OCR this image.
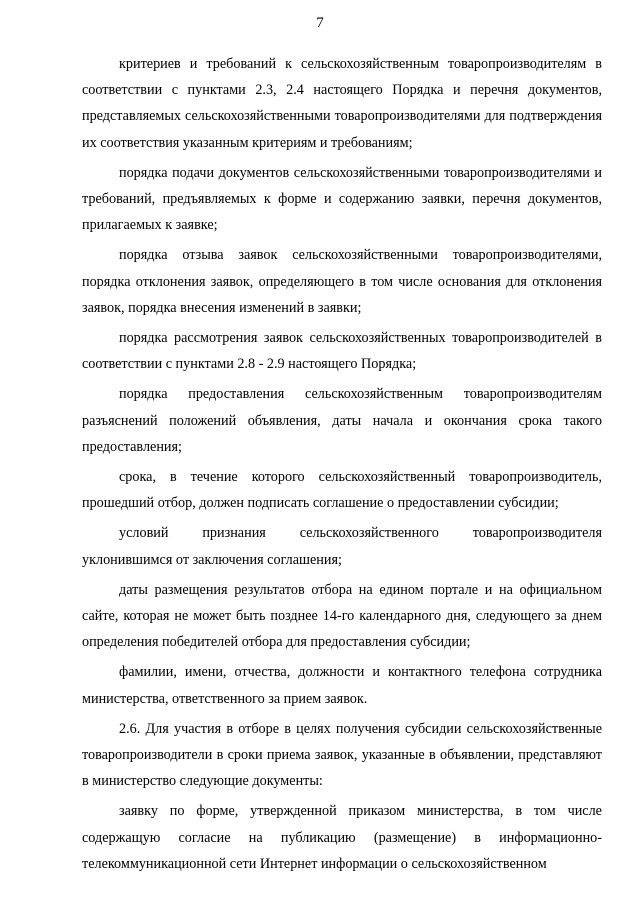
7

критериев и требований к сельскохозяйственным товаропроизводителям в соответствии с пунктами 2.3, 2.4 настоящего Порядка и перечня документов, представляемых сельскохозяйственными товаропроизводителями для подтверждения их соответствия указанным критериям и требованиям;

порядка подачи документов сельскохозяйственными товаропроизводителями и требований, предъявляемых к форме и содержанию заявки, перечня документов, прилагаемых к заявке;

порядка отзыва заявок сельскохозяйственными товаропроизводителями, порядка отклонения заявок, определяющего в том числе основания для отклонения заявок, порядка внесения изменений в заявки;

порядка рассмотрения заявок сельскохозяйственных товаропроизводителей в соответствии с пунктами 2.8 - 2.9 настоящего Порядка;

порядка предоставления сельскохозяйственным товаропроизводителям разъяснений положений объявления, даты начала и окончания срока такого предоставления;

срока, в течение которого сельскохозяйственный товаропроизводитель, прошедший отбор, должен подписать соглашение о предоставлении субсидии;

условий признания сельскохозяйственного товаропроизводителя уклонившимся от заключения соглашения;

даты размещения результатов отбора на едином портале и на официальном сайте, которая не может быть позднее 14-го календарного дня, следующего за днем определения победителей отбора для предоставления субсидии;

фамилии, имени, отчества, должности и контактного телефона сотрудника министерства, ответственного за прием заявок.

2.6. Для участия в отборе в целях получения субсидии сельскохозяйственные товаропроизводители в сроки приема заявок, указанные в объявлении, представляют в министерство следующие документы:

заявку по форме, утвержденной приказом министерства, в том числе содержащую согласие на публикацию (размещение) в информационно-телекоммуникационной сети Интернет информации о сельскохозяйственном
